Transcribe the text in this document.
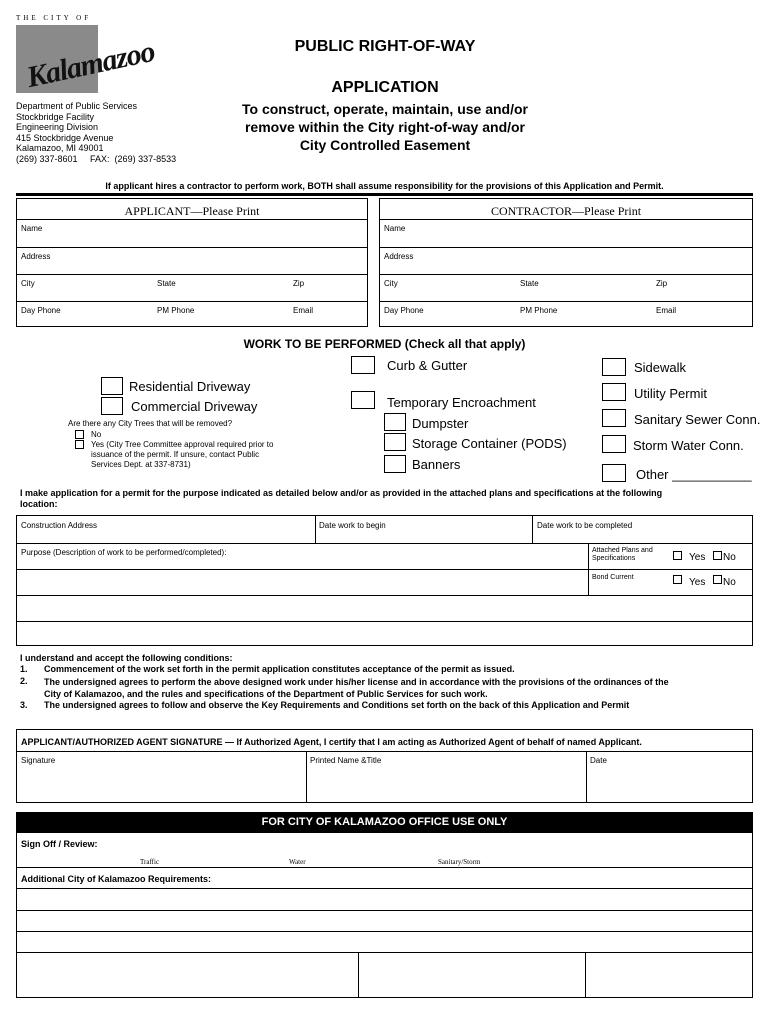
THE CITY OF
Kalamazoo
Department of Public Services
Stockbridge Facility
Engineering Division
415 Stockbridge Avenue
Kalamazoo, MI 49001
(269) 337-8601     FAX:  (269) 337-8533
PUBLIC RIGHT-OF-WAY
APPLICATION
To construct, operate, maintain, use and/or
remove within the City right-of-way and/or
City Controlled Easement
If applicant hires a contractor to perform work, BOTH shall assume responsibility for the provisions of this Application and Permit.
APPLICANT—Please Print
Name
Address
City	State	Zip
Day Phone	PM Phone	Email
CONTRACTOR—Please Print
Name
Address
City	State	Zip
Day Phone	PM Phone	Email
WORK TO BE PERFORMED (Check all that apply)
Residential Driveway
Commercial Driveway
Are there any City Trees that will be removed?
No
Yes (City Tree Committee approval required prior to
issuance of the permit. If unsure, contact Public
Services Dept. at 337-8731)
Curb & Gutter
Temporary Encroachment
Dumpster
Storage Container (PODS)
Banners
Sidewalk
Utility Permit
Sanitary Sewer Conn.
Storm Water Conn.
Other ___________
I make application for a permit for the purpose indicated as detailed below and/or as provided in the attached plans and specifications at the following
location:
Construction Address	Date work to begin	Date work to be completed
Purpose (Description of work to be performed/completed):	Attached Plans and
Specifications	Yes No
Bond Current	Yes No
I understand and accept the following conditions:
1. Commencement of the work set forth in the permit application constitutes acceptance of the permit as issued.
2. The undersigned agrees to perform the above designed work under his/her license and in accordance with the provisions of the ordinances of the
City of Kalamazoo, and the rules and specifications of the Department of Public Services for such work.
3. The undersigned agrees to follow and observe the Key Requirements and Conditions set forth on the back of this Application and Permit
APPLICANT/AUTHORIZED AGENT SIGNATURE — If Authorized Agent, I certify that I am acting as Authorized Agent of behalf of named Applicant.
Signature	Printed Name &Title	Date
FOR CITY OF KALAMAZOO OFFICE USE ONLY
Sign Off / Review:
Traffic	Water	Sanitary/Storm
Additional City of Kalamazoo Requirements:
